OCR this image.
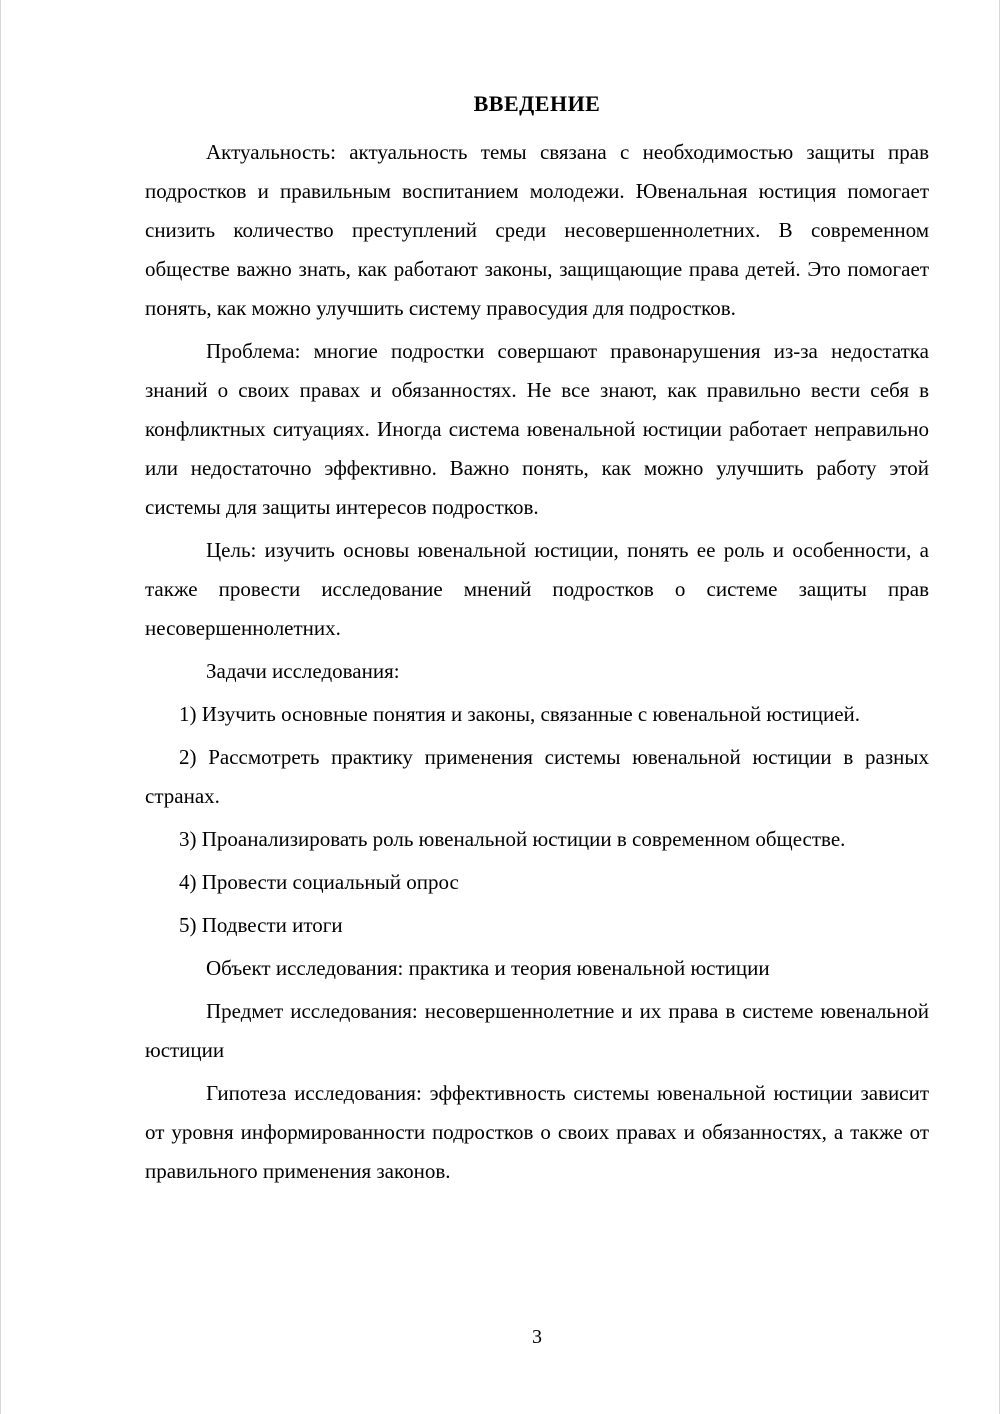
ВВЕДЕНИЕ

Актуальность: актуальность темы связана с необходимостью защиты прав подростков и правильным воспитанием молодежи. Ювенальная юстиция помогает снизить количество преступлений среди несовершеннолетних. В современном обществе важно знать, как работают законы, защищающие права детей. Это помогает понять, как можно улучшить систему правосудия для подростков.

Проблема: многие подростки совершают правонарушения из-за недостатка знаний о своих правах и обязанностях. Не все знают, как правильно вести себя в конфликтных ситуациях. Иногда система ювенальной юстиции работает неправильно или недостаточно эффективно. Важно понять, как можно улучшить работу этой системы для защиты интересов подростков.

Цель: изучить основы ювенальной юстиции, понять ее роль и особенности, а также провести исследование мнений подростков о системе защиты прав несовершеннолетних.

Задачи исследования:

1) Изучить основные понятия и законы, связанные с ювенальной юстицией.

2) Рассмотреть практику применения системы ювенальной юстиции в разных странах.

3) Проанализировать роль ювенальной юстиции в современном обществе.

4) Провести социальный опрос

5) Подвести итоги

Объект исследования: практика и теория ювенальной юстиции

Предмет исследования: несовершеннолетние и их права в системе ювенальной юстиции

Гипотеза исследования: эффективность системы ювенальной юстиции зависит от уровня информированности подростков о своих правах и обязанностях, а также от правильного применения законов.

3
